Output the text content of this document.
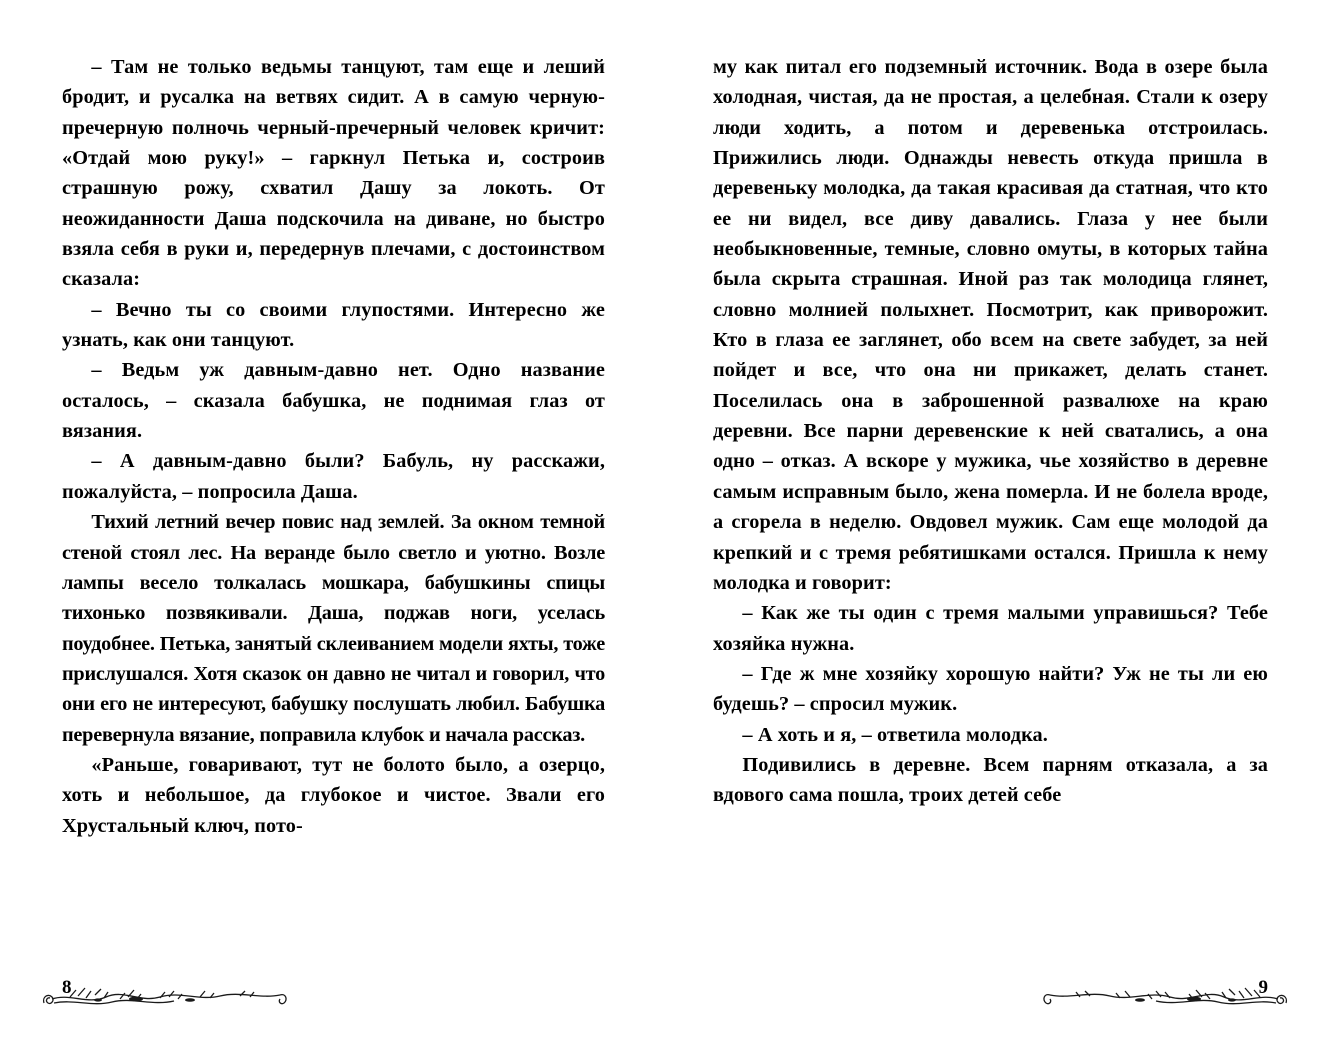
– Там не только ведьмы танцуют, там еще и леший бродит, и русалка на ветвях сидит. А в самую черную-пречерную полночь черный-пречерный человек кричит: «Отдай мою руку!» – гаркнул Петька и, состроив страшную рожу, схватил Дашу за локоть. От неожиданности Даша подскочила на диване, но быстро взяла себя в руки и, передернув плечами, с достоинством сказала:

– Вечно ты со своими глупостями. Интересно же узнать, как они танцуют.

– Ведьм уж давным-давно нет. Одно название осталось, – сказала бабушка, не поднимая глаз от вязания.

– А давным-давно были? Бабуль, ну расскажи, пожалуйста, – попросила Даша.

Тихий летний вечер повис над землей. За окном темной стеной стоял лес. На веранде было светло и уютно. Возле лампы весело толкалась мошкара, бабушкины спицы тихонько позвякивали. Даша, поджав ноги, уселась поудобнее. Петька, занятый склеиванием модели яхты, тоже прислушался. Хотя сказок он давно не читал и говорил, что они его не интересуют, бабушку послушать любил. Бабушка перевернула вязание, поправила клубок и начала рассказ.

«Раньше, говаривают, тут не болото было, а озерцо, хоть и небольшое, да глубокое и чистое. Звали его Хрустальный ключ, пото-

8

му как питал его подземный источник. Вода в озере была холодная, чистая, да не простая, а целебная. Стали к озеру люди ходить, а потом и деревенька отстроилась. Прижились люди. Однажды невесть откуда пришла в деревеньку молодка, да такая красивая да статная, что кто ее ни видел, все диву давались. Глаза у нее были необыкновенные, темные, словно омуты, в которых тайна была скрыта страшная. Иной раз так молодица глянет, словно молнией полыхнет. Посмотрит, как приворожит. Кто в глаза ее заглянет, обо всем на свете забудет, за ней пойдет и все, что она ни прикажет, делать станет. Поселилась она в заброшенной развалюхе на краю деревни. Все парни деревенские к ней сватались, а она одно – отказ. А вскоре у мужика, чье хозяйство в деревне самым исправным было, жена померла. И не болела вроде, а сгорела в неделю. Овдовел мужик. Сам еще молодой да крепкий и с тремя ребятишками остался. Пришла к нему молодка и говорит:

– Как же ты один с тремя малыми управишься? Тебе хозяйка нужна.

– Где ж мне хозяйку хорошую найти? Уж не ты ли ею будешь? – спросил мужик.

– А хоть и я, – ответила молодка.

Подивились в деревне. Всем парням отказала, а за вдового сама пошла, троих детей себе

9
